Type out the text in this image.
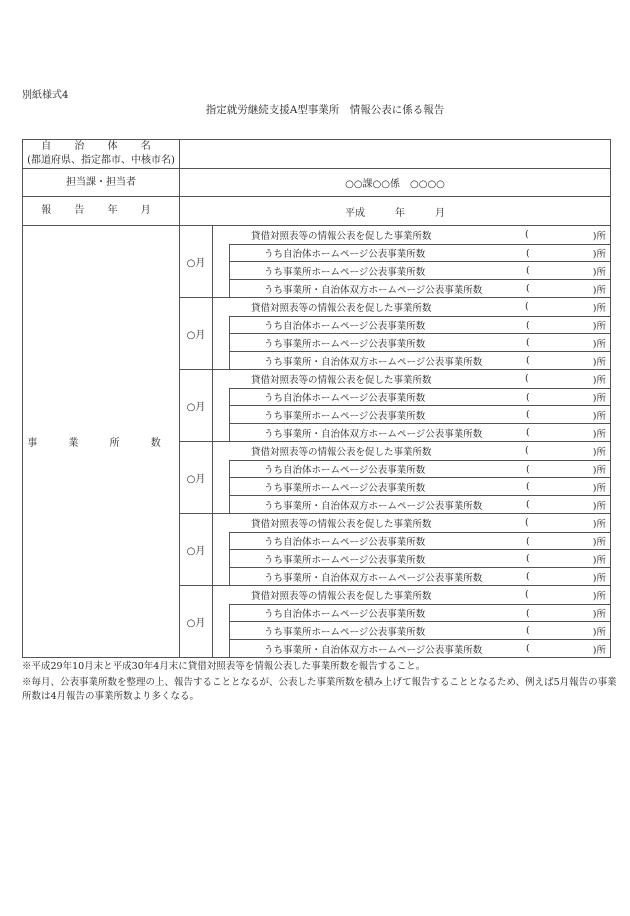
別紙様式4
指定就労継続支援A型事業所　情報公表に係る報告
自 治 体 名
(都道府県、指定都市、中核市名)
担当課・担当者	○○課○○係　○○○○
報 告 年 月	平成　　　年　　　月
事 業 所 数
○月
貸借対照表等の情報公表を促した事業所数	(	)所
うち自治体ホームページ公表事業所数	(	)所
うち事業所ホームページ公表事業所数	(	)所
うち事業所・自治体双方ホームページ公表事業所数	(	)所
○月
貸借対照表等の情報公表を促した事業所数	(	)所
うち自治体ホームページ公表事業所数	(	)所
うち事業所ホームページ公表事業所数	(	)所
うち事業所・自治体双方ホームページ公表事業所数	(	)所
○月
貸借対照表等の情報公表を促した事業所数	(	)所
うち自治体ホームページ公表事業所数	(	)所
うち事業所ホームページ公表事業所数	(	)所
うち事業所・自治体双方ホームページ公表事業所数	(	)所
○月
貸借対照表等の情報公表を促した事業所数	(	)所
うち自治体ホームページ公表事業所数	(	)所
うち事業所ホームページ公表事業所数	(	)所
うち事業所・自治体双方ホームページ公表事業所数	(	)所
○月
貸借対照表等の情報公表を促した事業所数	(	)所
うち自治体ホームページ公表事業所数	(	)所
うち事業所ホームページ公表事業所数	(	)所
うち事業所・自治体双方ホームページ公表事業所数	(	)所
○月
貸借対照表等の情報公表を促した事業所数	(	)所
うち自治体ホームページ公表事業所数	(	)所
うち事業所ホームページ公表事業所数	(	)所
うち事業所・自治体双方ホームページ公表事業所数	(	)所

※平成29年10月末と平成30年4月末に貸借対照表等を情報公表した事業所数を報告すること。

※毎月、公表事業所数を整理の上、報告することとなるが、公表した事業所数を積み上げて報告することとなるため、例えば5月報告の事業所数は4月報告の事業所数より多くなる。
